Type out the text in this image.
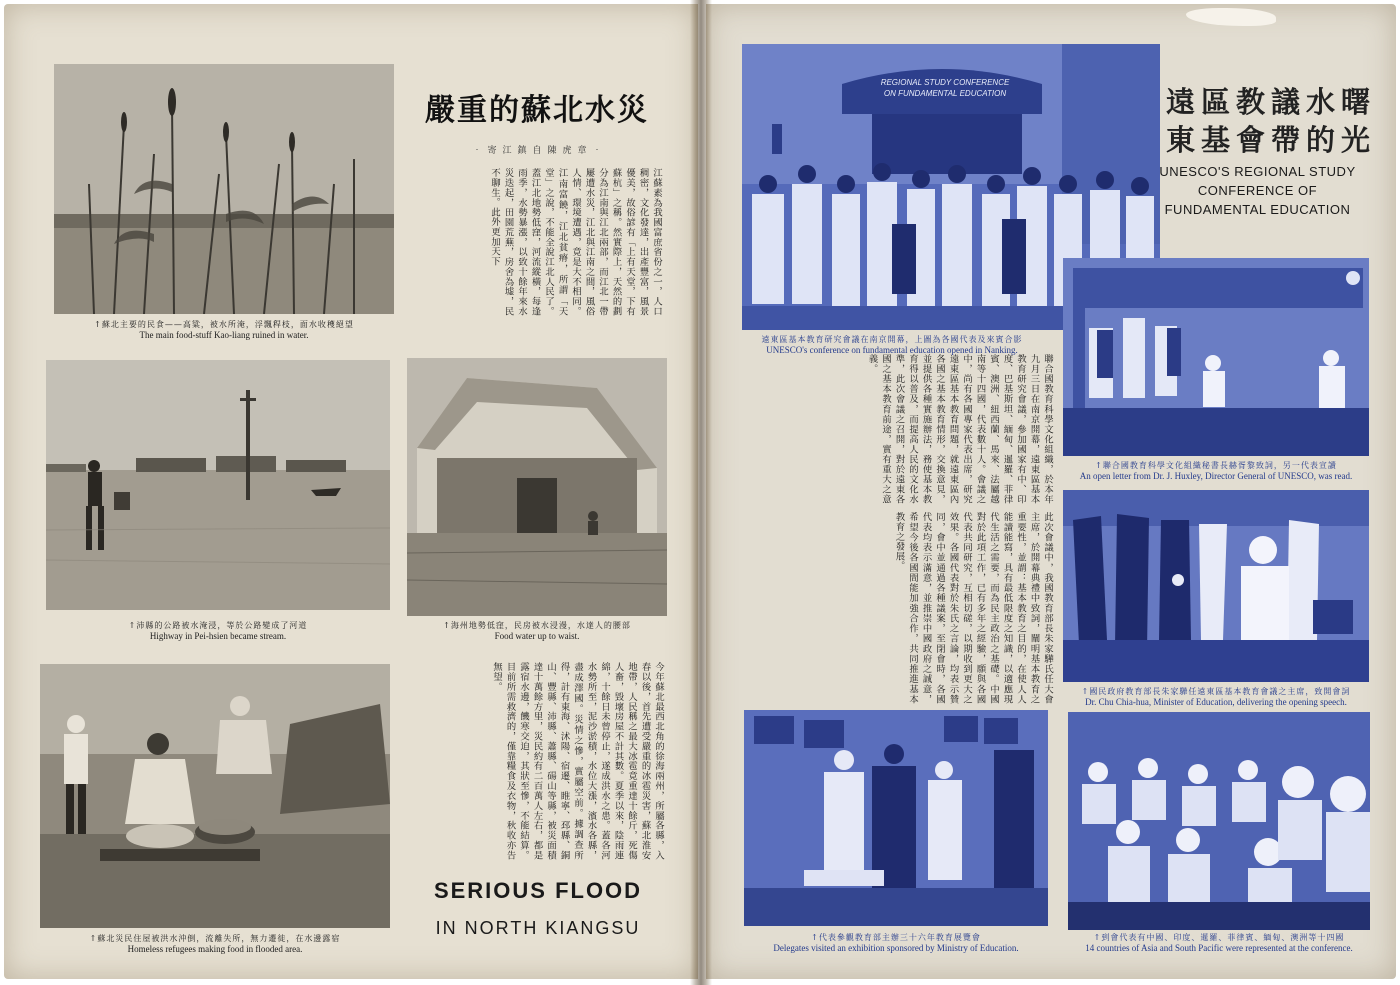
↑蘇北主要的民食——高粱，被水所淹，浮飄稈枝，面水收穫絕望
The main food-stuff Kao-liang ruined in water.
嚴重的蘇北水災
‧寄江鎮自陳虎章‧
江蘇素為我國富庶省份之一，人口稠密，文化發達，出產豐富，風景優美，故俗諺有「上有天堂，下有蘇杭」之稱。然實際上，天然的劃分為江南與江北兩部，而江北一帶屢遭水災，江北與江南之間，風俗人情、環境遭遇，竟是大不相同。江南富饒，江北貧瘠，所謂「天堂」之說，不能全說江北人民了。蓋江北地勢低窪，河流縱橫，每逢雨季，水勢暴漲，以致十餘年來水災迭起，田園荒蕪，房舍為墟，民不聊生。此外更加天下
↑沛縣的公路被水淹浸，等於公路變成了河道
Highway in Pei-hsien became stream.
↑海州地勢低窪，民房被水浸漫，水達人的腰部
Food water up to waist.
↑蘇北災民住屋被洪水沖倒，流離失所，無力遷徙，在水邊露宿
Homeless refugees making food in flooded area.
今年蘇北最西北角的徐海兩州，所屬各縣，入春以後，首先遭受嚴重的冰雹災害，蘇北淮安地帶，人民稱之最大冰雹竟重達十餘斤，死傷人畜，毀壞房屋不計其數。夏季以來，陰雨連綿，十餘日未曾停止，遂成洪水之患。蓋各河水勢所至，泥沙淤積，水位大漲，濱水各縣，盡成澤國。災情之慘，實屬空前。據調查所得，計有東海、沭陽、宿遷、睢寧、邳縣、銅山、豐縣、沛縣、蕭縣、碭山等縣，被災面積達十萬餘方里，災民約有二百萬人左右，都是露宿水邊，饑寒交迫，其狀至慘，不能結算。目前所需救濟的，僅靠糧食及衣物，秋收亦告無望。
SERIOUS FLOOD
IN NORTH KIANGSU
REGIONAL STUDY CONFERENCE
ON FUNDAMENTAL EDUCATION
遠東區基本教育研究會議在南京開幕，上圖為各國代表及來賓合影
UNESCO's conference on fundamental education opened in Nanking.
遠區教議水曙
東基會帶的光
UNESCO'S REGIONAL STUDY CONFERENCE OF FUNDAMENTAL EDUCATION
↑聯合國教育科學文化組織秘書長赫胥黎致詞，另一代表宣讀
An open letter from Dr. J. Huxley, Director General of UNESCO, was read.
聯合國教育科學文化組織，於本年九月三日在南京開幕，遠東區基本教育研究會議，參加國家有中、印度、巴基斯坦、緬甸、暹羅、菲律賓、澳洲、紐西蘭、馬來、法屬越南等十四國，代表數十人。會議之中，尚有各國專家代表出席，研究遠東區基本教育問題，就遠東區內各國之基本教育情形，交換意見，並提供各種實施辦法，務使基本教育得以普及，而提高人民的文化水準，此次會議之召開，對於遠東各國之基本教育前途，實有重大之意義。
此次會議中，我國教育部長朱家驊氏任大會主席，於開幕典禮中致詞，闡明基本教育之重要性，並謂：基本教育之目的，在使人人能讀能寫，具有最低限度之知識，以適應現代生活之需要，而為民主政治之基礎。中國對於此項工作，已有多年之經驗，願與各國代表共同研究，互相切磋，以期收到更大之效果。各國代表對於朱氏之言論，均表示贊同，會中並通過各種議案，至閉會時，各國代表均表示滿意，並推崇中國政府之誠意，希望今後各國間能加強合作，共同推進基本教育之發展。
↑國民政府教育部長朱家驊任遠東區基本教育會議之主席，致開會詞
Dr. Chu Chia-hua, Minister of Education, delivering the opening speech.
↑代表參觀教育部主辦三十六年教育展覽會
Delegates visited an exhibition sponsored by Ministry of Education.
↑到會代表有中國、印度、暹羅、菲律賓、緬甸、澳洲等十四國
14 countries of Asia and South Pacific were represented at the conference.
